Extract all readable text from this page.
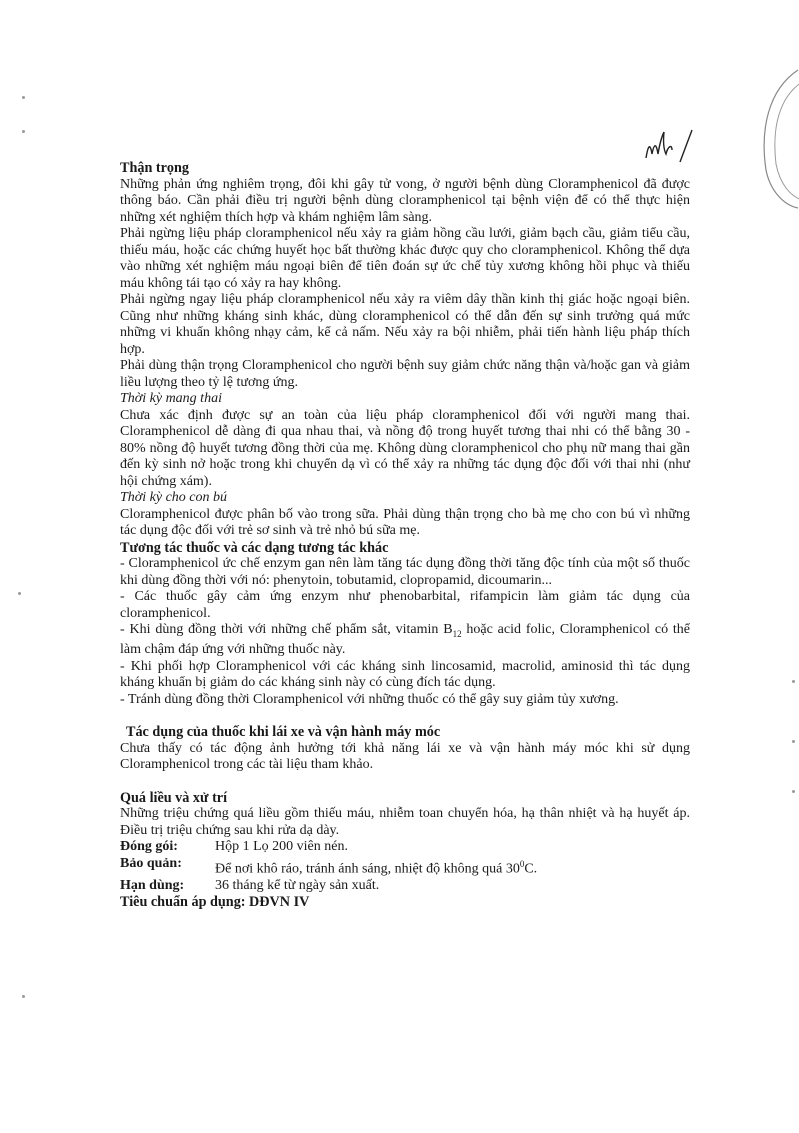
Thận trọng

Những phản ứng nghiêm trọng, đôi khi gây tử vong, ở người bệnh dùng Cloramphenicol đã được thông báo. Cần phải điều trị người bệnh dùng cloramphenicol tại bệnh viện để có thể thực hiện những xét nghiệm thích hợp và khám nghiệm lâm sàng.

Phải ngừng liệu pháp cloramphenicol nếu xảy ra giảm hồng cầu lưới, giảm bạch cầu, giảm tiểu cầu, thiếu máu, hoặc các chứng huyết học bất thường khác được quy cho cloramphenicol. Không thể dựa vào những xét nghiệm máu ngoại biên để tiên đoán sự ức chế tủy xương không hồi phục và thiếu máu không tái tạo có xảy ra hay không.

Phải ngừng ngay liệu pháp cloramphenicol nếu xảy ra viêm dây thần kinh thị giác hoặc ngoại biên. Cũng như những kháng sinh khác, dùng cloramphenicol có thể dẫn đến sự sinh trưởng quá mức những vi khuẩn không nhạy cảm, kể cả nấm. Nếu xảy ra bội nhiễm, phải tiến hành liệu pháp thích hợp.

Phải dùng thận trọng Cloramphenicol cho người bệnh suy giảm chức năng thận và/hoặc gan và giảm liều lượng theo tỷ lệ tương ứng.

Thời kỳ mang thai

Chưa xác định được sự an toàn của liệu pháp cloramphenicol đối với người mang thai. Cloramphenicol dễ dàng đi qua nhau thai, và nồng độ trong huyết tương thai nhi có thể bằng 30 - 80% nồng độ huyết tương đồng thời của mẹ. Không dùng cloramphenicol cho phụ nữ mang thai gần đến kỳ sinh nở hoặc trong khi chuyển dạ vì có thể xảy ra những tác dụng độc đối với thai nhi (như hội chứng xám).

Thời kỳ cho con bú

Cloramphenicol được phân bố vào trong sữa. Phải dùng thận trọng cho bà mẹ cho con bú vì những tác dụng độc đối với trẻ sơ sinh và trẻ nhỏ bú sữa mẹ.

Tương tác thuốc và các dạng tương tác khác

- Cloramphenicol ức chế enzym gan nên làm tăng tác dụng đồng thời tăng độc tính của một số thuốc khi dùng đồng thời với nó: phenytoin, tobutamid, clopropamid, dicoumarin...

- Các thuốc gây cảm ứng enzym như phenobarbital, rifampicin làm giảm tác dụng của cloramphenicol.

- Khi dùng đồng thời với những chế phẩm sắt, vitamin $B_{12}$ hoặc acid folic, Cloramphenicol có thể làm chậm đáp ứng với những thuốc này.

- Khi phối hợp Cloramphenicol với các kháng sinh lincosamid, macrolid, aminosid thì tác dụng kháng khuẩn bị giảm do các kháng sinh này có cùng đích tác dụng.

- Tránh dùng đồng thời Cloramphenicol với những thuốc có thể gây suy giảm tủy xương.

Tác dụng của thuốc khi lái xe và vận hành máy móc

Chưa thấy có tác động ảnh hưởng tới khả năng lái xe và vận hành máy móc khi sử dụng Cloramphenicol trong các tài liệu tham khảo.

Quá liều và xử trí

Những triệu chứng quá liều gồm thiếu máu, nhiễm toan chuyển hóa, hạ thân nhiệt và hạ huyết áp. Điều trị triệu chứng sau khi rửa dạ dày.

Đóng gói:	Hộp 1 Lọ 200 viên nén.
Bảo quản:	Để nơi khô ráo, tránh ánh sáng, nhiệt độ không quá $30^0C$.
Hạn dùng:	36 tháng kể từ ngày sản xuất.

Tiêu chuẩn áp dụng: DĐVN IV
